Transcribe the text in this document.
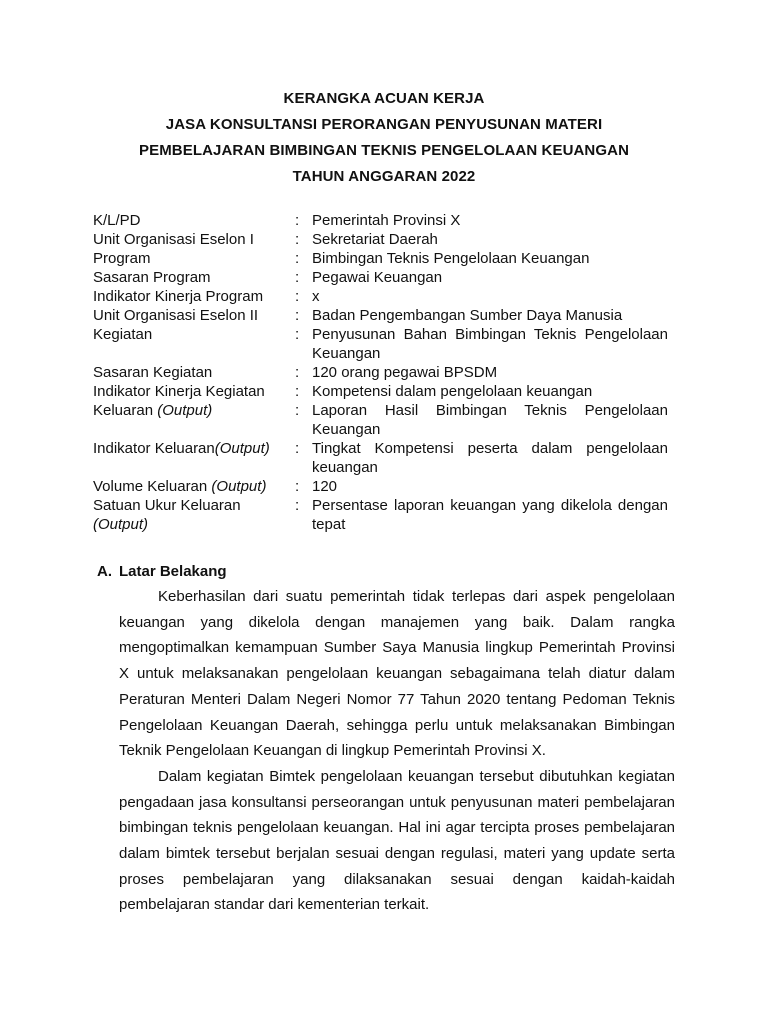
KERANGKA ACUAN KERJA
JASA KONSULTANSI PERORANGAN PENYUSUNAN MATERI
PEMBELAJARAN BIMBINGAN TEKNIS PENGELOLAAN KEUANGAN
TAHUN ANGGARAN 2022
K/L/PD	: Pemerintah Provinsi X
Unit Organisasi Eselon I	: Sekretariat Daerah
Program	: Bimbingan Teknis Pengelolaan Keuangan
Sasaran Program	: Pegawai Keuangan
Indikator Kinerja Program	: x
Unit Organisasi Eselon II	: Badan Pengembangan Sumber Daya Manusia
Kegiatan	: Penyusunan Bahan Bimbingan Teknis Pengelolaan Keuangan
Sasaran Kegiatan	: 120 orang pegawai BPSDM
Indikator Kinerja Kegiatan	: Kompetensi dalam pengelolaan keuangan
Keluaran (Output)	: Laporan Hasil Bimbingan Teknis Pengelolaan Keuangan
Indikator Keluaran(Output)	: Tingkat Kompetensi peserta dalam pengelolaan keuangan
Volume Keluaran (Output)	: 120
Satuan Ukur Keluaran
(Output)
: Persentase laporan keuangan yang dikelola dengan tepat
A. Latar Belakang

Keberhasilan dari suatu pemerintah tidak terlepas dari aspek pengelolaan keuangan yang dikelola dengan manajemen yang baik. Dalam rangka mengoptimalkan kemampuan Sumber Saya Manusia lingkup Pemerintah Provinsi X untuk melaksanakan pengelolaan keuangan sebagaimana telah diatur dalam Peraturan Menteri Dalam Negeri Nomor 77 Tahun 2020 tentang Pedoman Teknis Pengelolaan Keuangan Daerah, sehingga perlu untuk melaksanakan Bimbingan Teknik Pengelolaan Keuangan di lingkup Pemerintah Provinsi X.

Dalam kegiatan Bimtek pengelolaan keuangan tersebut dibutuhkan kegiatan pengadaan jasa konsultansi perseorangan untuk penyusunan materi pembelajaran bimbingan teknis pengelolaan keuangan. Hal ini agar tercipta proses pembelajaran dalam bimtek tersebut berjalan sesuai dengan regulasi, materi yang update serta proses pembelajaran yang dilaksanakan sesuai dengan kaidah-kaidah pembelajaran standar dari kementerian terkait.
